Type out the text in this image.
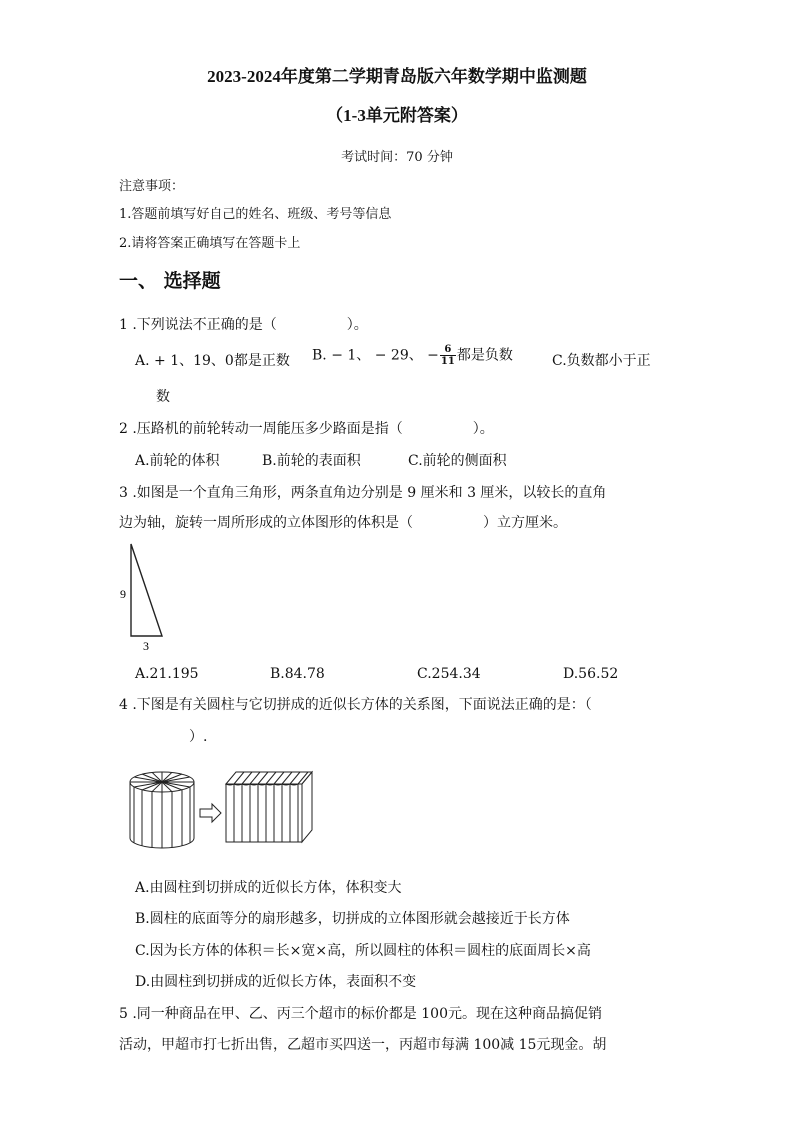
2023-2024年度第二学期青岛版六年数学期中监测题
（1-3单元附答案）
考试时间：70 分钟
注意事项：
1.答题前填写好自己的姓名、班级、考号等信息
2.请将答案正确填写在答题卡上
一、 选择题
1 .下列说法不正确的是（　　　　　）。
A. + 1、19、0都是正数 B. − 1、 − 29、 − $\frac{6}{11}$ 都是负数	C.负数都小于正
数
2 .压路机的前轮转动一周能压多少路面是指（　　　　　）。
A.前轮的体积	B.前轮的表面积	C.前轮的侧面积
3 .如图是一个直角三角形，两条直角边分别是 9 厘米和 3 厘米，以较长的直角
边为轴，旋转一周所形成的立体图形的体积是（　　　　　）立方厘米。
9
3
A.21.195	B.84.78	C.254.34	D.56.52
4 .下图是有关圆柱与它切拼成的近似长方体的关系图，下面说法正确的是：（
　　　　　）.
A.由圆柱到切拼成的近似长方体，体积变大
B.圆柱的底面等分的扇形越多，切拼成的立体图形就会越接近于长方体
C.因为长方体的体积＝长×宽×高，所以圆柱的体积＝圆柱的底面周长×高
D.由圆柱到切拼成的近似长方体，表面积不变
5 .同一种商品在甲、乙、丙三个超市的标价都是 100元。现在这种商品搞促销
活动，甲超市打七折出售，乙超市买四送一，丙超市每满 100减 15元现金。胡
